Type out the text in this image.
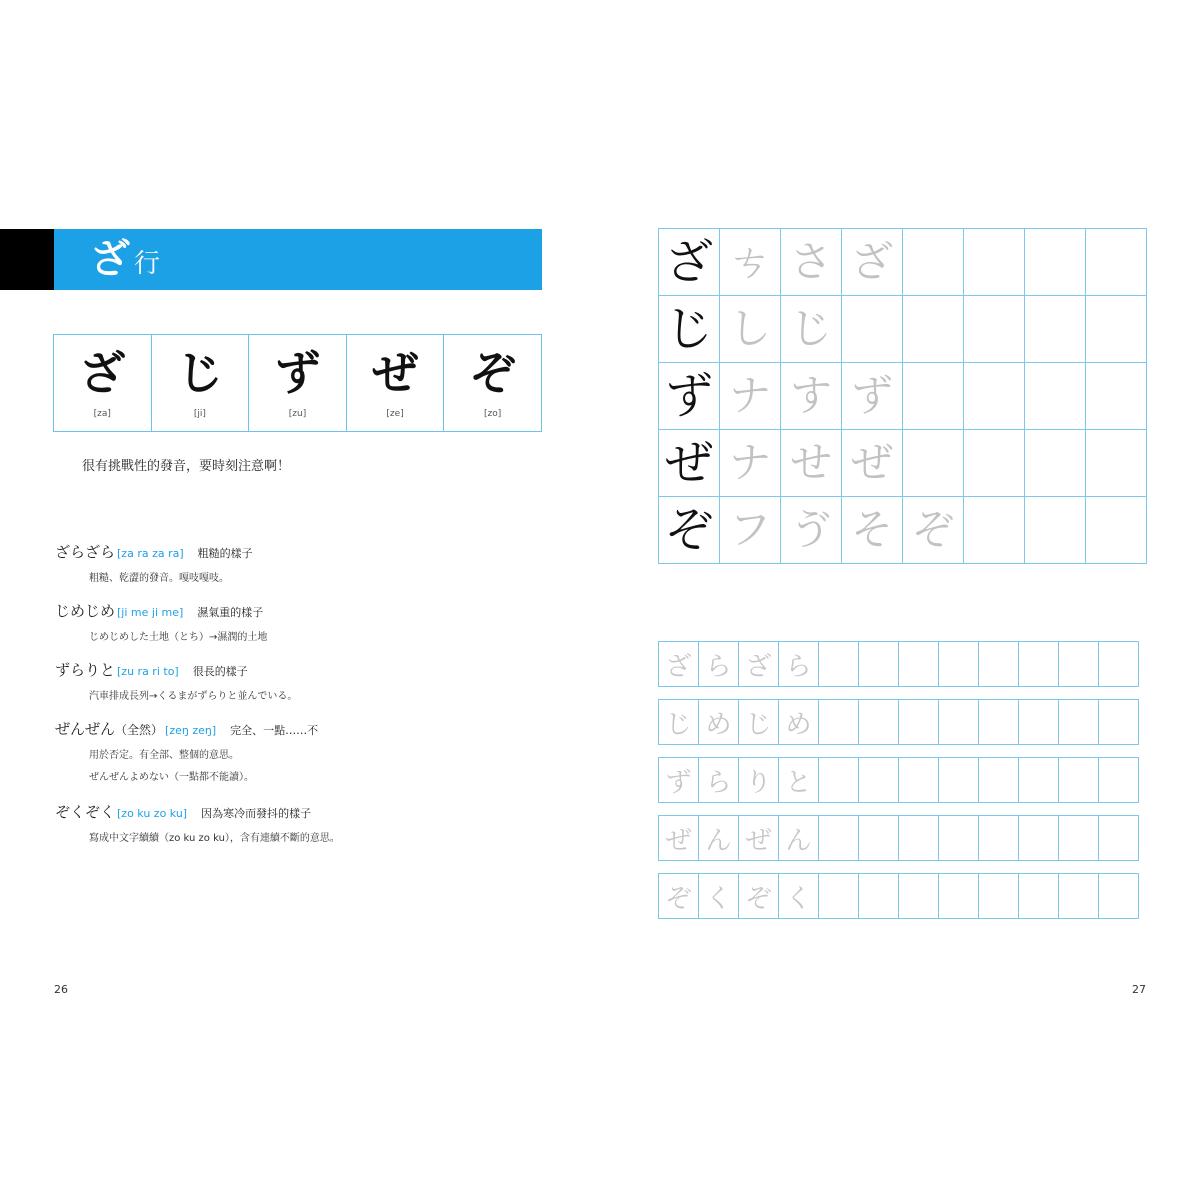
ざ 行
ざ
[za]
じ
[ji]
ず
[zu]
ぜ
[ze]
ぞ
[zo]
很有挑戰性的發音，要時刻注意啊！
ざらざら [za ra za ra] 粗糙的樣子
粗糙、乾澀的發音。嘎吱嘎吱。
じめじめ [ji me ji me] 濕氣重的樣子
じめじめした土地（とち）→濕潤的土地
ずらりと [zu ra ri to] 很長的樣子
汽車排成長列→くるまがずらりと並んでいる。
ぜんぜん（全然） [zeŋ zeŋ] 完全、一點……不
用於否定。有全部、整個的意思。
ぜんぜんよめない（一點都不能讀）。
ぞくぞく [zo ku zo ku] 因為寒冷而發抖的樣子
寫成中文字續續（zo ku zo ku），含有連續不斷的意思。
26
ざ	ㄘ	さ	ざ				
じ	し	じ					
ず	ナ	す	ず				
ぜ	ナ	せ	ぜ				
ぞ	フ	ゔ	そ	ぞ			
ざ	ら	ざ	ら								
じ	め	じ	め								
ず	ら	り	と								
ぜ	ん	ぜ	ん								
ぞ	く	ぞ	く								
27
